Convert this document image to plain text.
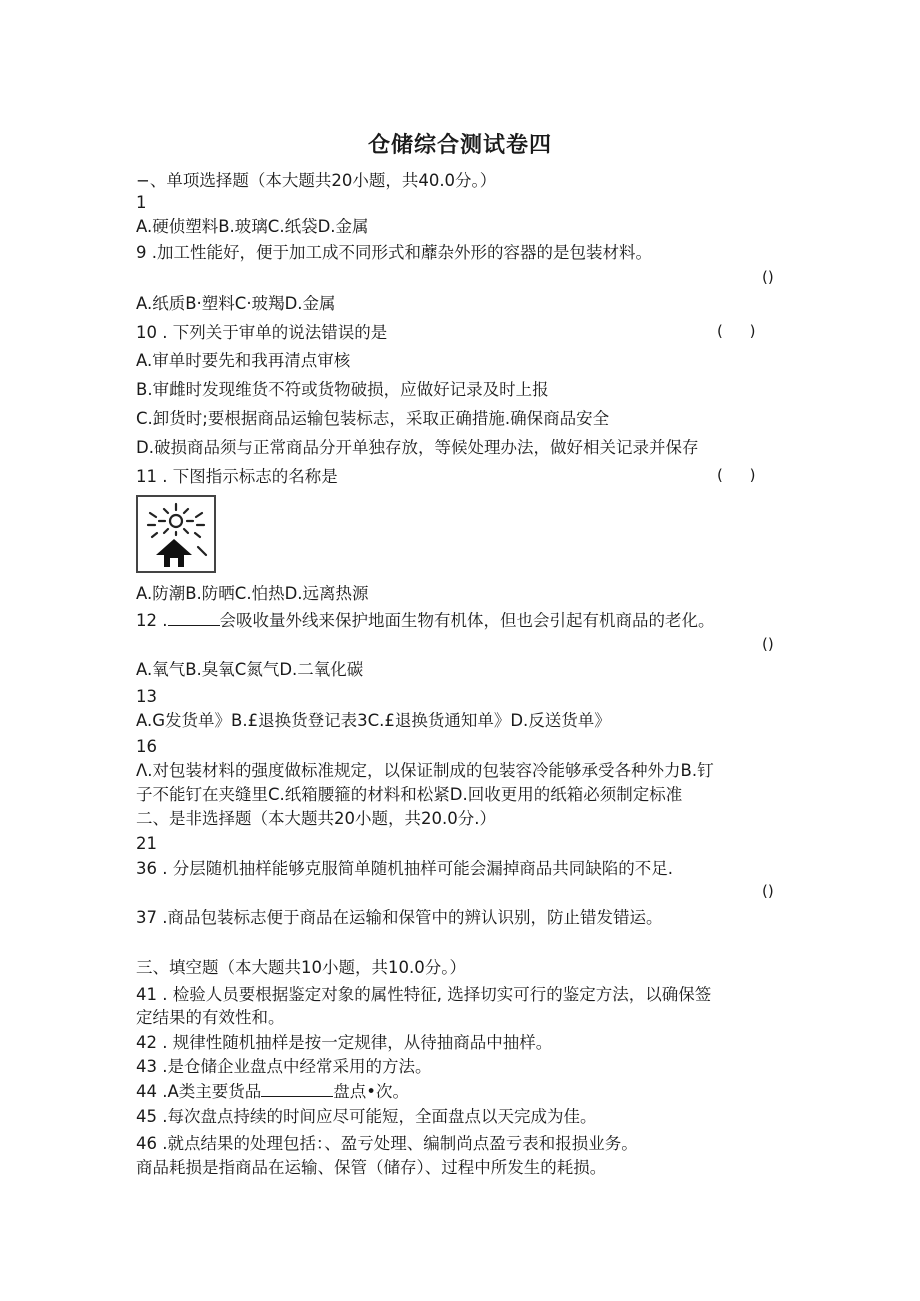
仓储综合测试卷四
−、单项选择题（本大题共20小题，共40.0分。）
1
A.硬侦塑料B.玻璃C.纸袋D.金属
9 .加工性能好，便于加工成不同形式和蘼杂外形的容器的是包装材料。
()
A.纸质B·塑料C·玻羯D.金属
10 . 下列关于审单的说法错误的是	( )
A.审单时要先和我再清点审核
B.审雌时发现维货不符或货物破损，应做好记录及时上报
C.卸货时;要根据商品运输包装标志，采取正确措施.确保商品安全
D.破损商品须与正常商品分开单独存放，等候处理办法，做好相关记录并保存
11 . 下图指示标志的名称是	( )
A.防潮B.防晒C.怕热D.远离热源
12 .	会吸收量外线来保护地面生物有机体，但也会引起有机商品的老化。
()
A.氧气B.臭氧C氮气D.二氧化碳
13
A.G发货单》B.£退换货登记表3C.£退换货通知单》D.反送货单》
16
Λ.对包装材料的强度做标准规定，以保证制成的包装容冷能够承受各种外力B.钉
子不能钉在夹缝里C.纸箱腰箍的材料和松紧D.回收更用的纸箱必须制定标准
二、是非选择题（本大题共20小题，共20.0分.）
21
36 . 分层随机抽样能够克服简单随机抽样可能会漏掉商品共同缺陷的不足.
()
37 .商品包装标志便于商品在运输和保管中的辨认识别，防止错发错运。
三、填空题（本大题共10小题，共10.0分。）
41 . 检验人员要根据鉴定对象的属性特征, 选择切实可行的鉴定方法，以确保签
定结果的有效性和。
42 . 规律性随机抽样是按一定规律，从待抽商品中抽样。
43 .是仓储企业盘点中经常采用的方法。
44 .A类主要货品	盘点•次。
45 .每次盘点持续的时间应尽可能短，全面盘点以天完成为佳。
46 .就点结果的处理包括：、盈亏处理、编制尚点盈亏表和报损业务。
商品耗损是指商品在运输、保管（储存）、过程中所发生的耗损。
